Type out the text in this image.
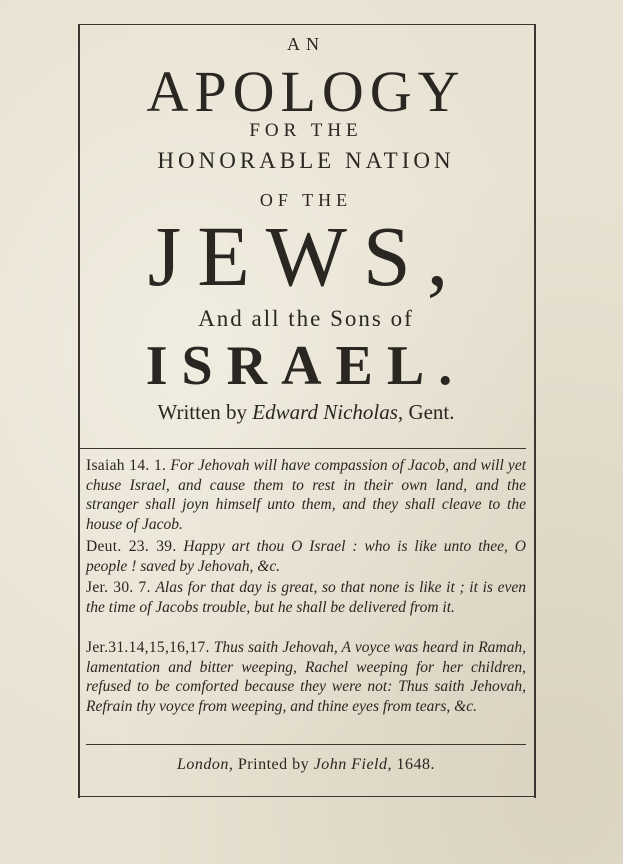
AN
APOLOGY
FOR THE
HONORABLE NATION
OF THE
JEWS,
And all the Sons of
ISRAEL.
Written by Edward Nicholas, Gent.
Isaiah 14. 1. For Jehovah will have compassion of Jacob, and will yet chuse Israel, and cause them to rest in their own land, and the stranger shall joyn himself unto them, and they shall cleave to the house of Jacob.
Deut. 23. 39. Happy art thou O Israel : who is like unto thee, O people ! saved by Jehovah, &c.
Jer. 30. 7. Alas for that day is great, so that none is like it ; it is even the time of Jacobs trouble, but he shall be delivered from it.
Jer.31.14,15,16,17. Thus saith Jehovah, A voyce was heard in Ramah, lamentation and bitter weeping, Rachel weeping for her children, refused to be comforted because they were not: Thus saith Jehovah, Refrain thy voyce from weeping, and thine eyes from tears, &c.
London, Printed by John Field, 1648.
